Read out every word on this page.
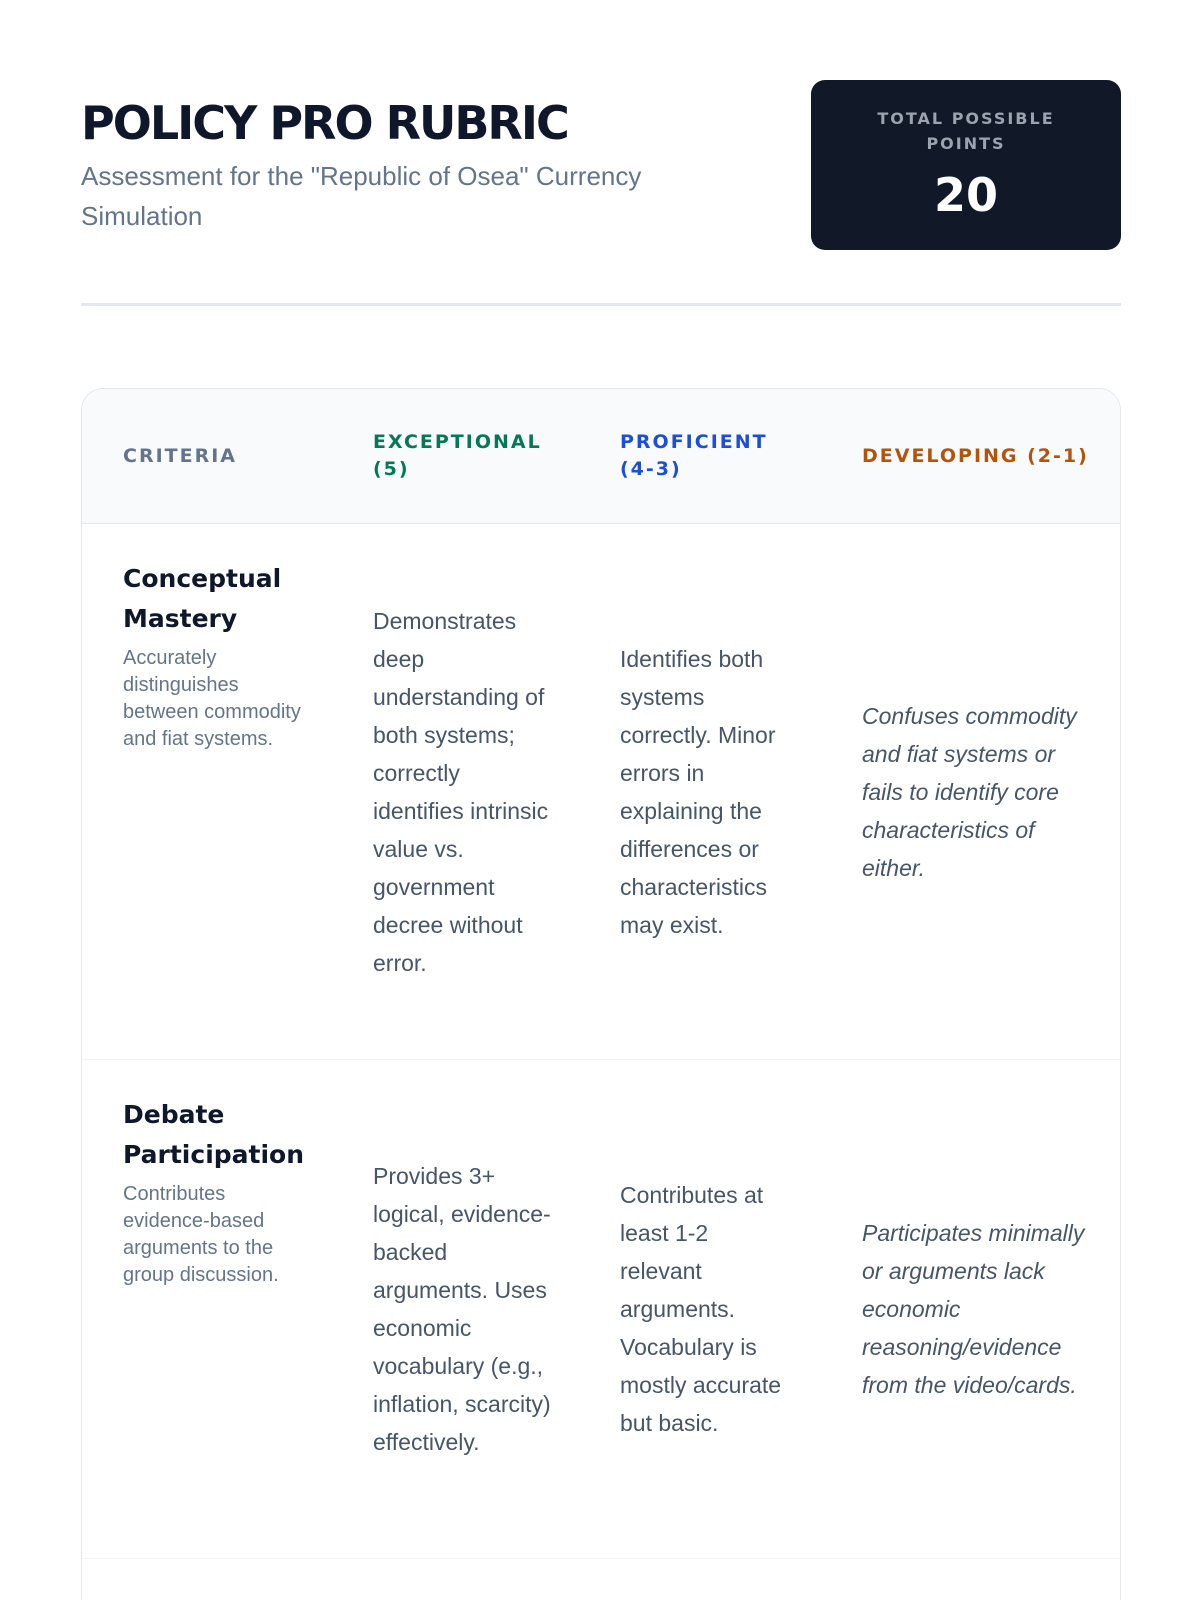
POLICY PRO RUBRIC

Assessment for the "Republic of Osea" Currency Simulation

TOTAL POSSIBLE POINTS
20
CRITERIA
EXCEPTIONAL (5)
PROFICIENT (4-3)
DEVELOPING (2-1)

Conceptual Mastery

Accurately distinguishes between commodity and fiat systems.

Demonstrates deep understanding of both systems; correctly identifies intrinsic value vs. government decree without error.

Identifies both systems correctly. Minor errors in explaining the differences or characteristics may exist.

Confuses commodity and fiat systems or fails to identify core characteristics of either.

Debate Participation

Contributes evidence-based arguments to the group discussion.

Provides 3+ logical, evidence-backed arguments. Uses economic vocabulary (e.g., inflation, scarcity) effectively.

Contributes at least 1-2 relevant arguments. Vocabulary is mostly accurate but basic.

Participates minimally or arguments lack economic reasoning/evidence from the video/cards.
